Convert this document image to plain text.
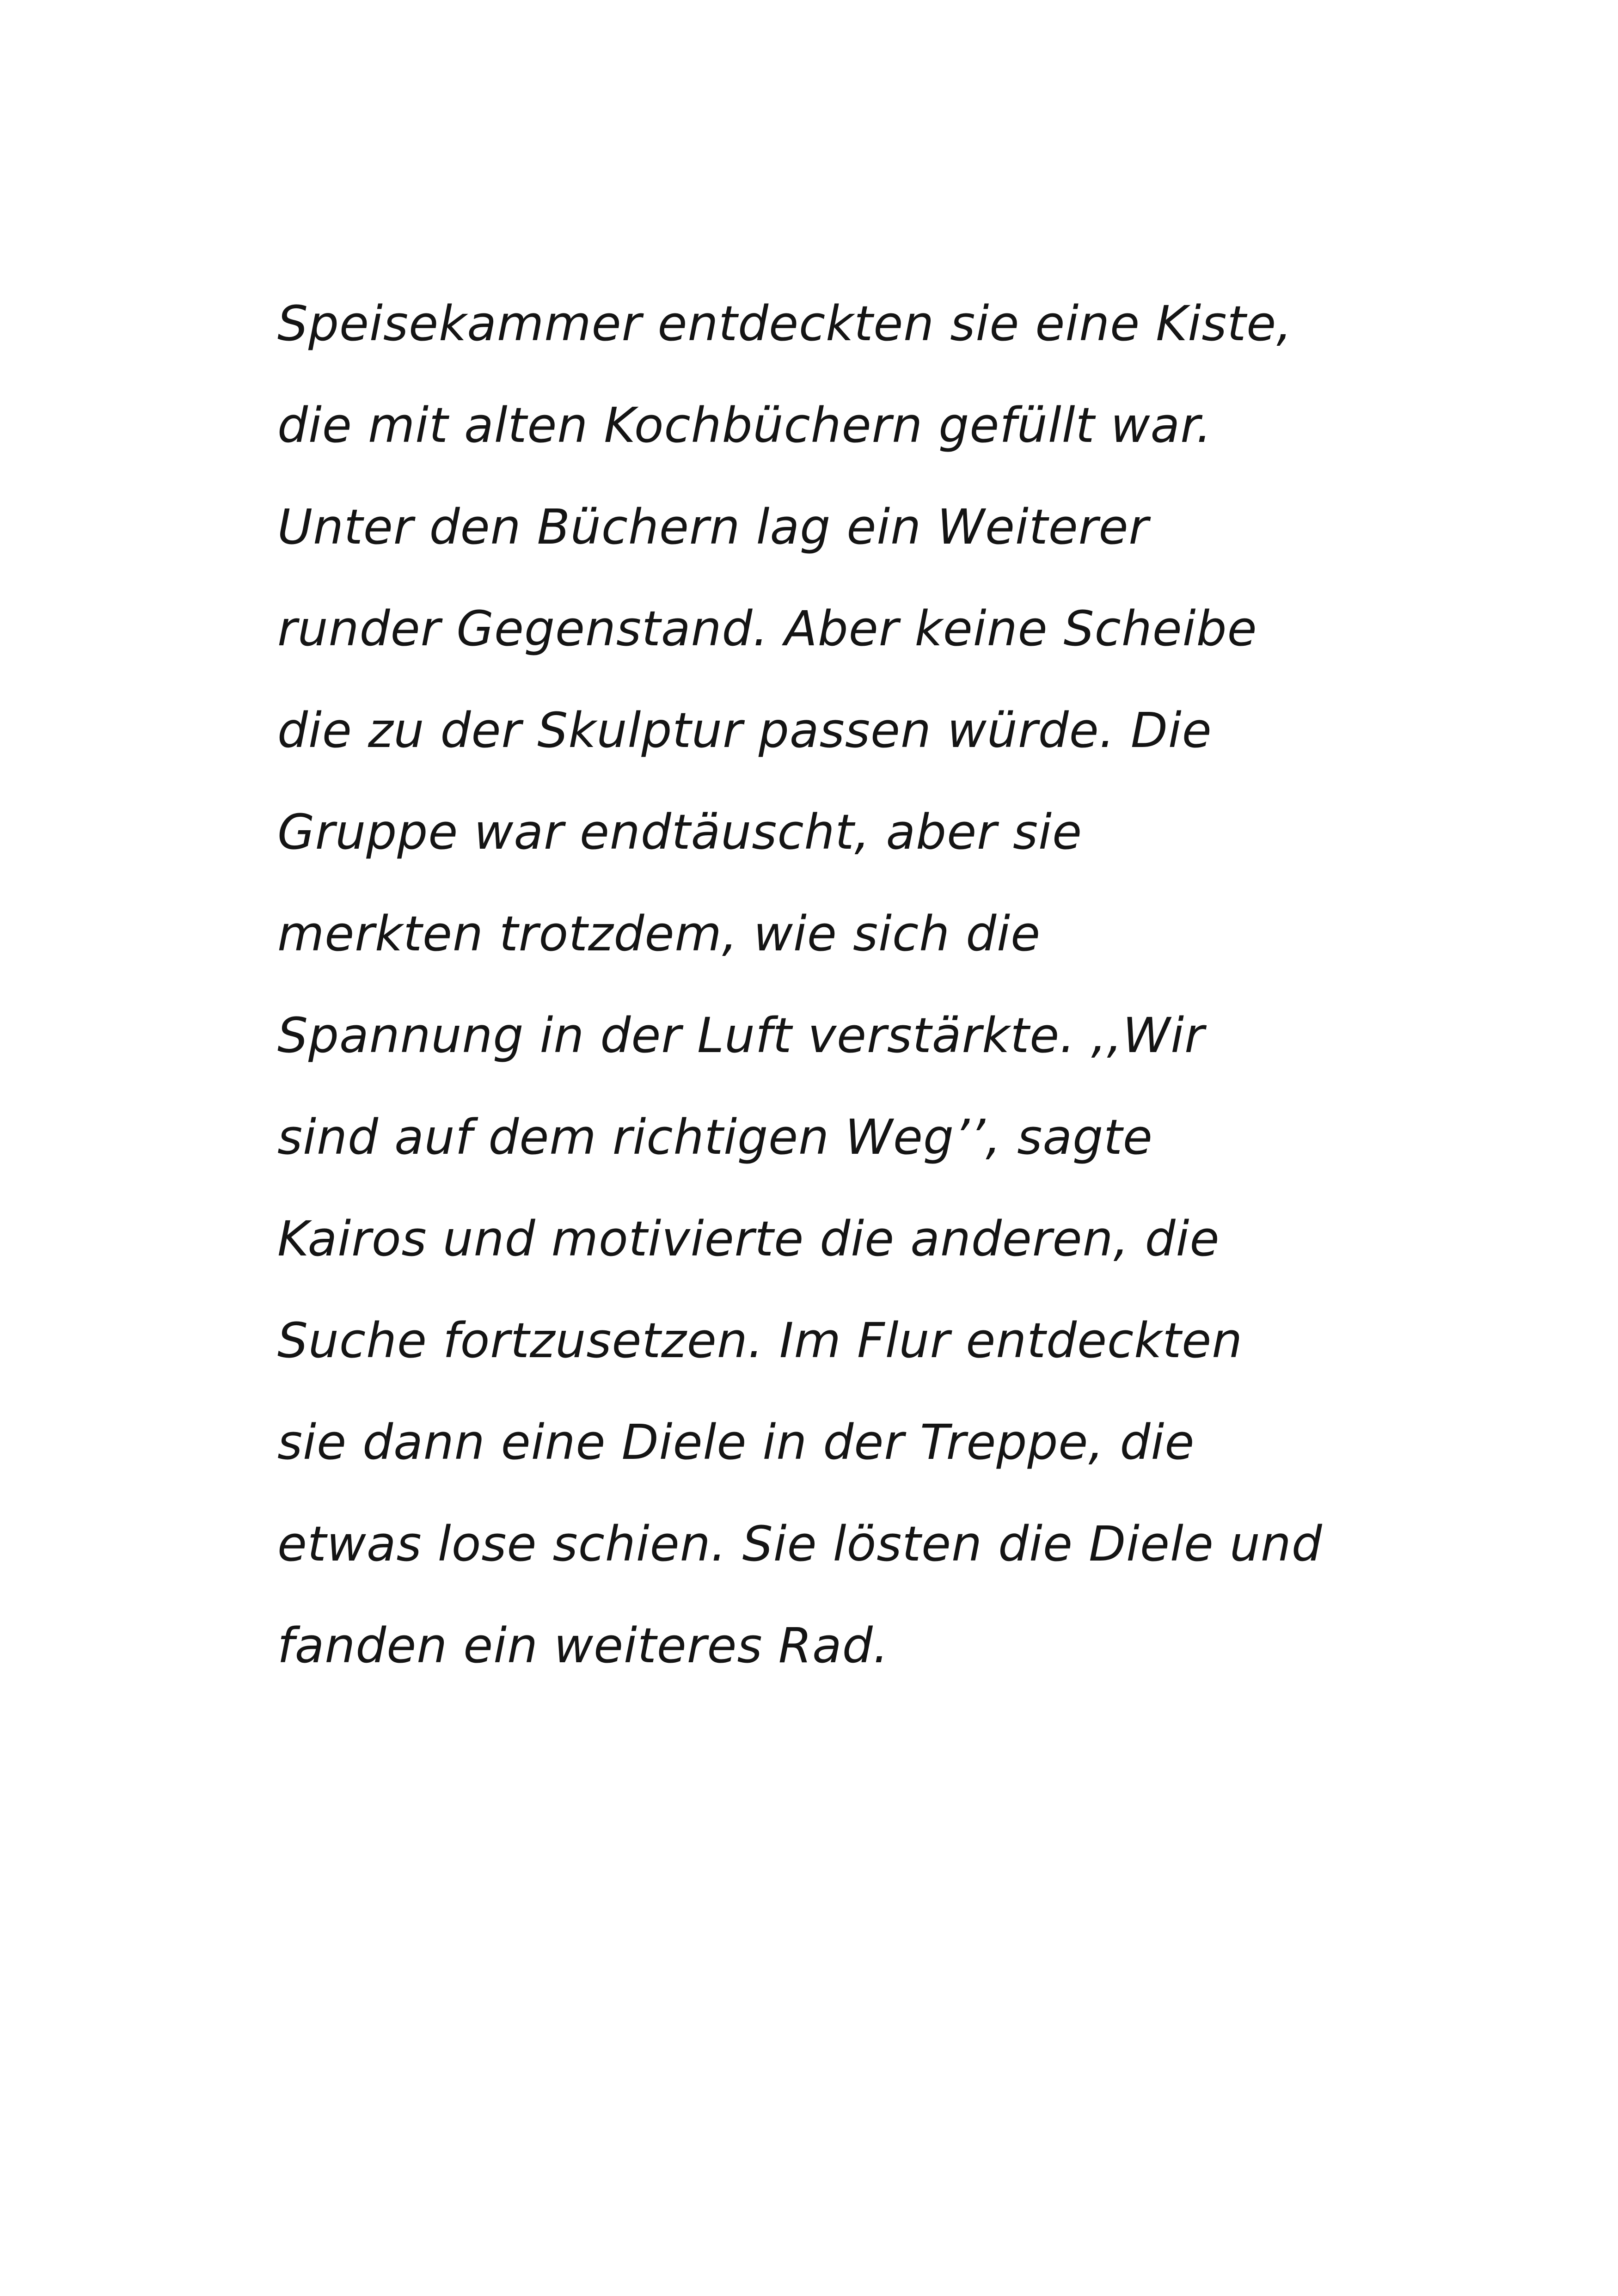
Speisekammer entdeckten sie eine Kiste,
die mit alten Kochbüchern gefüllt war.
Unter den Büchern lag ein Weiterer
runder Gegenstand. Aber keine Scheibe
die zu der Skulptur passen würde. Die
Gruppe war endtäuscht, aber sie
merkten trotzdem, wie sich die
Spannung in der Luft verstärkte. ,,Wir
sind auf dem richtigen Weg’’, sagte
Kairos und motivierte die anderen, die
Suche fortzusetzen. Im Flur entdeckten
sie dann eine Diele in der Treppe, die
etwas lose schien. Sie lösten die Diele und
fanden ein weiteres Rad.
